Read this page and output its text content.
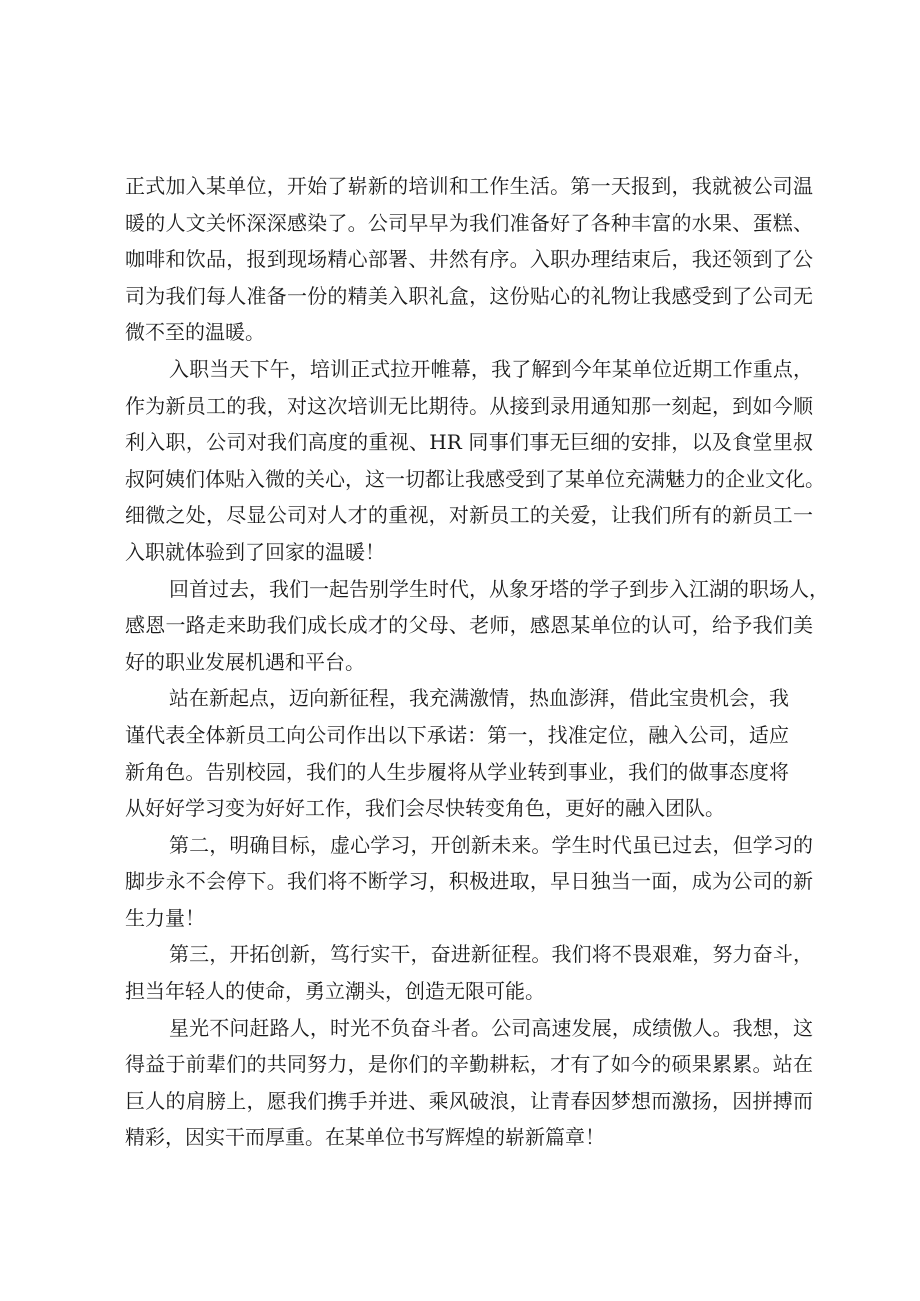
正式加入某单位，开始了崭新的培训和工作生活。第一天报到，我就被公司温
暖的人文关怀深深感染了。公司早早为我们准备好了各种丰富的水果、蛋糕、
咖啡和饮品，报到现场精心部署、井然有序。入职办理结束后，我还领到了公
司为我们每人准备一份的精美入职礼盒，这份贴心的礼物让我感受到了公司无
微不至的温暖。
入职当天下午，培训正式拉开帷幕，我了解到今年某单位近期工作重点，
作为新员工的我，对这次培训无比期待。从接到录用通知那一刻起，到如今顺
利入职，公司对我们高度的重视、HR 同事们事无巨细的安排，以及食堂里叔
叔阿姨们体贴入微的关心，这一切都让我感受到了某单位充满魅力的企业文化。
细微之处，尽显公司对人才的重视，对新员工的关爱，让我们所有的新员工一
入职就体验到了回家的温暖！
回首过去，我们一起告别学生时代，从象牙塔的学子到步入江湖的职场人，
感恩一路走来助我们成长成才的父母、老师，感恩某单位的认可，给予我们美
好的职业发展机遇和平台。
站在新起点，迈向新征程，我充满激情，热血澎湃，借此宝贵机会，我
谨代表全体新员工向公司作出以下承诺：第一，找准定位，融入公司，适应
新角色。告别校园，我们的人生步履将从学业转到事业，我们的做事态度将
从好好学习变为好好工作，我们会尽快转变角色，更好的融入团队。
第二，明确目标，虚心学习，开创新未来。学生时代虽已过去，但学习的
脚步永不会停下。我们将不断学习，积极进取，早日独当一面，成为公司的新
生力量！
第三，开拓创新，笃行实干，奋进新征程。我们将不畏艰难，努力奋斗，
担当年轻人的使命，勇立潮头，创造无限可能。
星光不问赶路人，时光不负奋斗者。公司高速发展，成绩傲人。我想，这
得益于前辈们的共同努力，是你们的辛勤耕耘，才有了如今的硕果累累。站在
巨人的肩膀上，愿我们携手并进、乘风破浪，让青春因梦想而激扬，因拼搏而
精彩，因实干而厚重。在某单位书写辉煌的崭新篇章！
